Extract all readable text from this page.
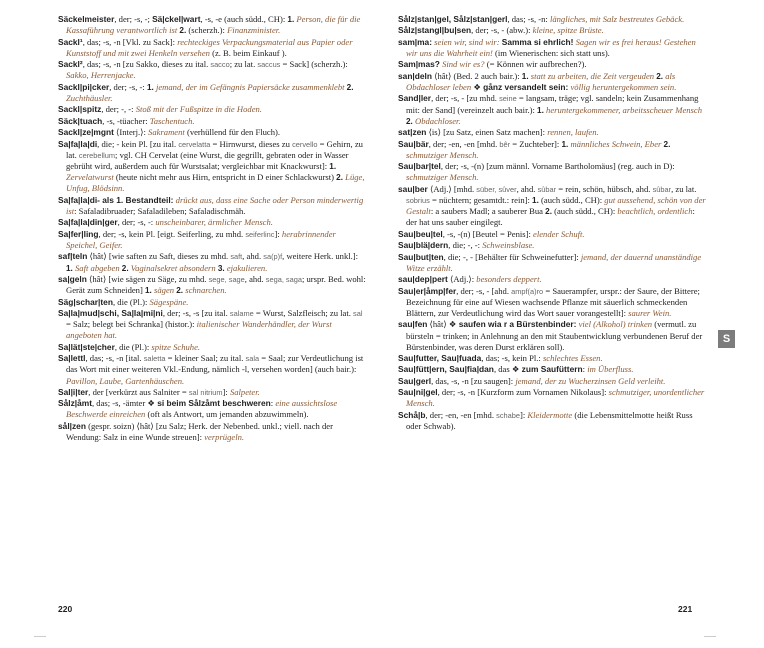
Säckelmeister, der; -s, -; Sä|ckel|wart, -s, -e (auch südd., CH): 1. Person, die für die Kassaführung verantwortlich ist 2. (scherzh.): Finanzminister.
Sackl¹, das; -s, -n [Vkl. zu Sack]: rechteckiges Verpackungsmaterial aus Papier oder Kunststoff und mit zwei Henkeln versehen (z. B. beim Einkauf ).
Sackl², das; -s, -n [zu Sakko, dieses zu ital. sacco; zu lat. saccus = Sack] (scherzh.): Sakko, Herrenjacke.
Sackl|pi|cker, der; -s, -: 1. jemand, der im Gefängnis Papiersäcke zusammenklebt 2. Zuchthäusler.
Sackl|spitz, der; -, -: Stoß mit der Fußspitze in die Hoden.
Säck|tuach, -s, -tüacher: Taschentuch.
Sackl|ze|mgnt ⟨Interj.⟩: Sakrament (verhüllend für den Fluch).
Sa|fa|la|di, die; - kein Pl. [zu ital. cervelatta = Hirnwurst, dieses zu cervello = Gehirn, zu lat. cerebellum; vgl. CH Cervelat (eine Wurst, die gegrillt, gebraten oder in Wasser gebrüht wird, außerdem auch für Wurstsalat; vergleichbar mit Knackwurst]: 1. Zervelatwurst (heute nicht mehr aus Hirn, entspricht in D einer Schlackwurst) 2. Lüge, Unfug, Blödsinn.
Sa|fa|la|di- als 1. Bestandteil: drückt aus, dass eine Sache oder Person minderwertig ist: Safaladibruader; Safaladileben; Safaladischmäh.
Sa|fa|la|din|ger, der; -s, -: unscheinbarer, ärmlicher Mensch.
Sa|fer|ling, der; -s, kein Pl. [eigt. Seiferling, zu mhd. seiferlinc]: herabrinnender Speichel, Geifer.
saf|teln ⟨hât⟩ [wie saften zu Saft, dieses zu mhd. saft, ahd. sa(p)f, weitere Herk. unkl.]: 1. Saft abgeben 2. Vaginalsekret absondern 3. ejakulieren.
sa|geln ⟨hât⟩ [wie sägen zu Säge, zu mhd. sege, sage, ahd. sega, saga; urspr. Bed. wohl: Gerät zum Schneiden] 1. sägen 2. schnarchen.
Säg|schar|ten, die (Pl.): Sägespäne.
Sa|la|mud|schi, Sa|la|mi|ni, der; -s, -s [zu ital. salame = Wurst, Salzfleisch; zu lat. sal = Salz; belegt bei Schranka] (histor.): italienischer Wanderhändler, der Wurst angeboten hat.
Sa|lät|ste|cher, die (Pl.): spitze Schuhe.
Sa|lettl, das; -s, -n [ital. saletta = kleiner Saal; zu ital. sala = Saal; zur Verdeutlichung ist das Wort mit einer weiteren Vkl.-Endung, nämlich -l, versehen worden] (auch bair.): Pavillon, Laube, Gartenhäuschen.
Sal|i|ter, der [verkürzt aus Salniter = sal nitrium]: Salpeter.
Sålz|åmt, das; -s, -ämter ❖ si beim Sålzåmt beschweren: eine aussichtslose Beschwerde einreichen (oft als Antwort, um jemanden abzuwimmeln).
sål|zen (gespr. soizn) ⟨hât⟩ [zu Salz; Herk. der Nebenbed. unkl.; viell. nach der Wendung: Salz in eine Wunde streuen]: verprügeln.
Sålz|stan|gel, Sålz|stan|gerl, das; -s, -n: längliches, mit Salz bestreutes Gebäck.
Sålz|stangl|bu|sen, der; -s, - (abw.): kleine, spitze Brüste.
sam|ma: seien wir, sind wir: Samma si ehrlich! Sagen wir es frei heraus! Gestehen wir uns die Wahrheit ein! (im Wienerischen: sich statt uns).
Sam|mas? Sind wir es? (= Können wir aufbrechen?).
san|deln ⟨hât⟩ (Bed. 2 auch bair.): 1. statt zu arbeiten, die Zeit vergeuden 2. als Obdachloser leben ❖ gånz versandelt sein: völlig heruntergekommen sein.
Sand|ler, der; -s, - [zu mhd. seine = langsam, träge; vgl. sandeln; kein Zusammenhang mit: der Sand] (vereinzelt auch bair.): 1. heruntergekommener, arbeitsscheuer Mensch 2. Obdachloser.
sat|zen ⟨is⟩ [zu Satz, einen Satz machen]: rennen, laufen.
Sau|bär, der; -en, -en [mhd. bêr = Zuchteber]: 1. männliches Schwein, Eber 2. schmutziger Mensch.
Sau|bar|tel, der; -s, -(n) [zum männl. Vorname Bartholomäus] (reg. auch in D): schmutziger Mensch.
sau|ber ⟨Adj.⟩ [mhd. süber, sûver, ahd. sûbar = rein, schön, hübsch, ahd. sûbar, zu lat. sobrius = nüchtern; gesamtdt.: rein]: 1. (auch südd., CH): gut aussehend, schön von der Gestalt: a saubers Madl; a sauberer Bua 2. (auch südd., CH): beachtlich, ordentlich: der hat uns sauber eingilegt.
Sau|beu|tel, -s, -(n) [Beutel = Penis]: elender Schuft.
Sau|blä|dern, die; -, -: Schweinsblase.
Sau|but|ten, die; -, - [Behälter für Schweinefutter]: jemand, der dauernd unanständige Witze erzählt.
sau|dep|pert ⟨Adj.⟩: besonders deppert.
Sau|er|åmp|fer, der; -s, - [ahd. ampf(a)ro = Sauerampfer, urspr.: der Saure, der Bittere; Bezeichnung für eine auf Wiesen wachsende Pflanze mit säuerlich schmeckenden Blättern, zur Verdeutlichung wird das Wort sauer vorangestellt]: saurer Wein.
sau|fen ⟨hât⟩ ❖ saufen wia r a Bürstenbinder: viel (Alkohol) trinken (vermutl. zu bürsteln = trinken; in Anlehnung an den mit Staubentwicklung verbundenen Beruf der Bürstenbinder, was deren Durst erklären soll).
Sau|futter, Sau|fuada, das; -s, kein Pl.: schlechtes Essen.
Sau|fütt|ern, Sau|fia|dan, das ❖ zum Saufüttern: im Überfluss.
Sau|gerl, das, -s, -n [zu saugen]: jemand, der zu Wucherzinsen Geld verleiht.
Sau|ni|gel, der; -s, -n [Kurzform zum Vornamen Nikolaus]: schmutziger, unordentlicher Mensch.
Schå|b, der; -en, -en [mhd. schabe]: Kleidermotte (die Lebensmittelmotte heißt Russ oder Schwab).
S
220	221
